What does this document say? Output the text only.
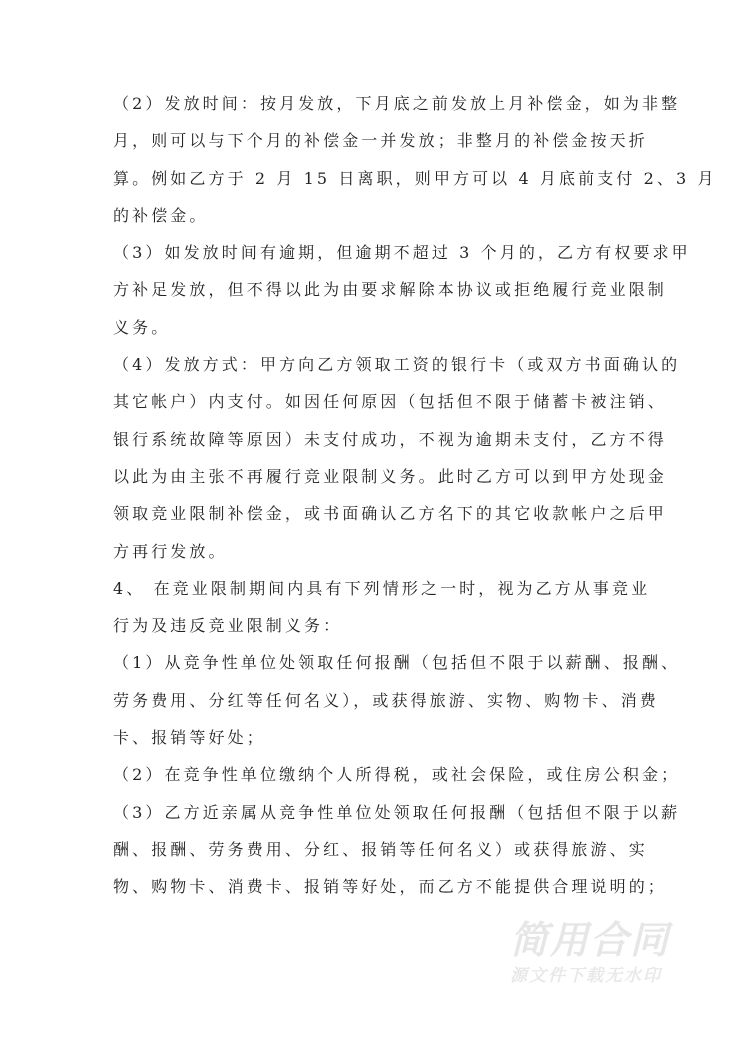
（2）发放时间：按月发放，下月底之前发放上月补偿金，如为非整
月，则可以与下个月的补偿金一并发放；非整月的补偿金按天折
算。例如乙方于 2 月 15 日离职，则甲方可以 4 月底前支付 2、3 月
的补偿金。
（3）如发放时间有逾期，但逾期不超过 3 个月的，乙方有权要求甲
方补足发放，但不得以此为由要求解除本协议或拒绝履行竞业限制
义务。
（4）发放方式：甲方向乙方领取工资的银行卡（或双方书面确认的
其它帐户）内支付。如因任何原因（包括但不限于储蓄卡被注销、
银行系统故障等原因）未支付成功，不视为逾期未支付，乙方不得
以此为由主张不再履行竞业限制义务。此时乙方可以到甲方处现金
领取竞业限制补偿金，或书面确认乙方名下的其它收款帐户之后甲
方再行发放。
4、 在竞业限制期间内具有下列情形之一时，视为乙方从事竞业
行为及违反竞业限制义务：
（1）从竞争性单位处领取任何报酬（包括但不限于以薪酬、报酬、
劳务费用、分红等任何名义），或获得旅游、实物、购物卡、消费
卡、报销等好处；
（2）在竞争性单位缴纳个人所得税，或社会保险，或住房公积金；
（3）乙方近亲属从竞争性单位处领取任何报酬（包括但不限于以薪
酬、报酬、劳务费用、分红、报销等任何名义）或获得旅游、实
物、购物卡、消费卡、报销等好处，而乙方不能提供合理说明的；
简用合同
源文件下载无水印
